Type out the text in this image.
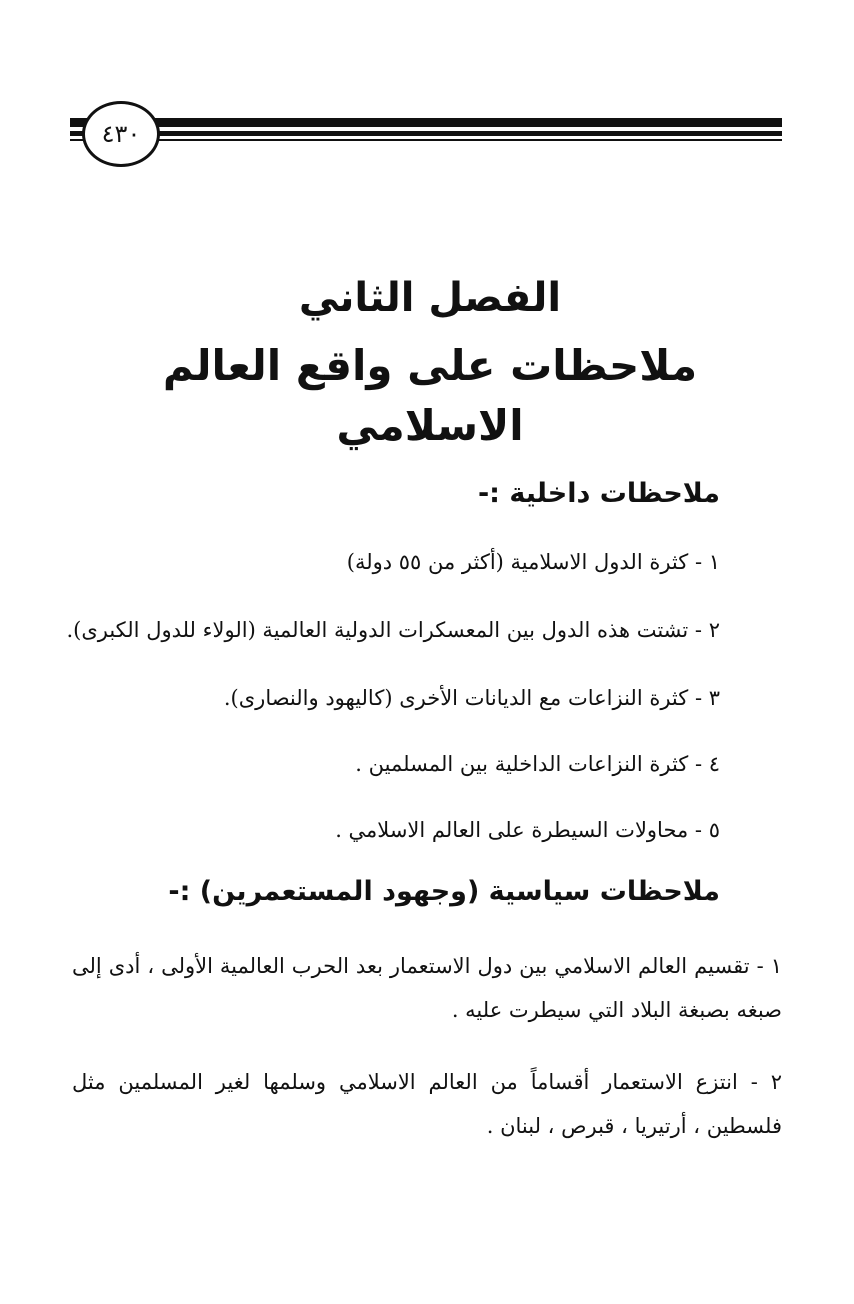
٤٣٠
الفصل الثاني
ملاحظات على واقع العالم الاسلامي
ملاحظات داخلية :-
١ - كثرة الدول الاسلامية (أكثر من ٥٥ دولة)
٢ - تشتت هذه الدول بين المعسكرات الدولية العالمية (الولاء للدول الكبرى).
٣ - كثرة النزاعات مع الديانات الأخرى (كاليهود والنصارى).
٤ - كثرة النزاعات الداخلية بين المسلمين .
٥ - محاولات السيطرة على العالم الاسلامي .
ملاحظات سياسية (وجهود المستعمرين) :-
١ - تقسيم العالم الاسلامي بين دول الاستعمار بعد الحرب العالمية الأولى ، أدى إلى صبغه بصبغة البلاد التي سيطرت عليه .
٢ - انتزع الاستعمار أقساماً من العالم الاسلامي وسلمها لغير المسلمين مثل فلسطين ، أرتيريا ، قبرص ، لبنان .
